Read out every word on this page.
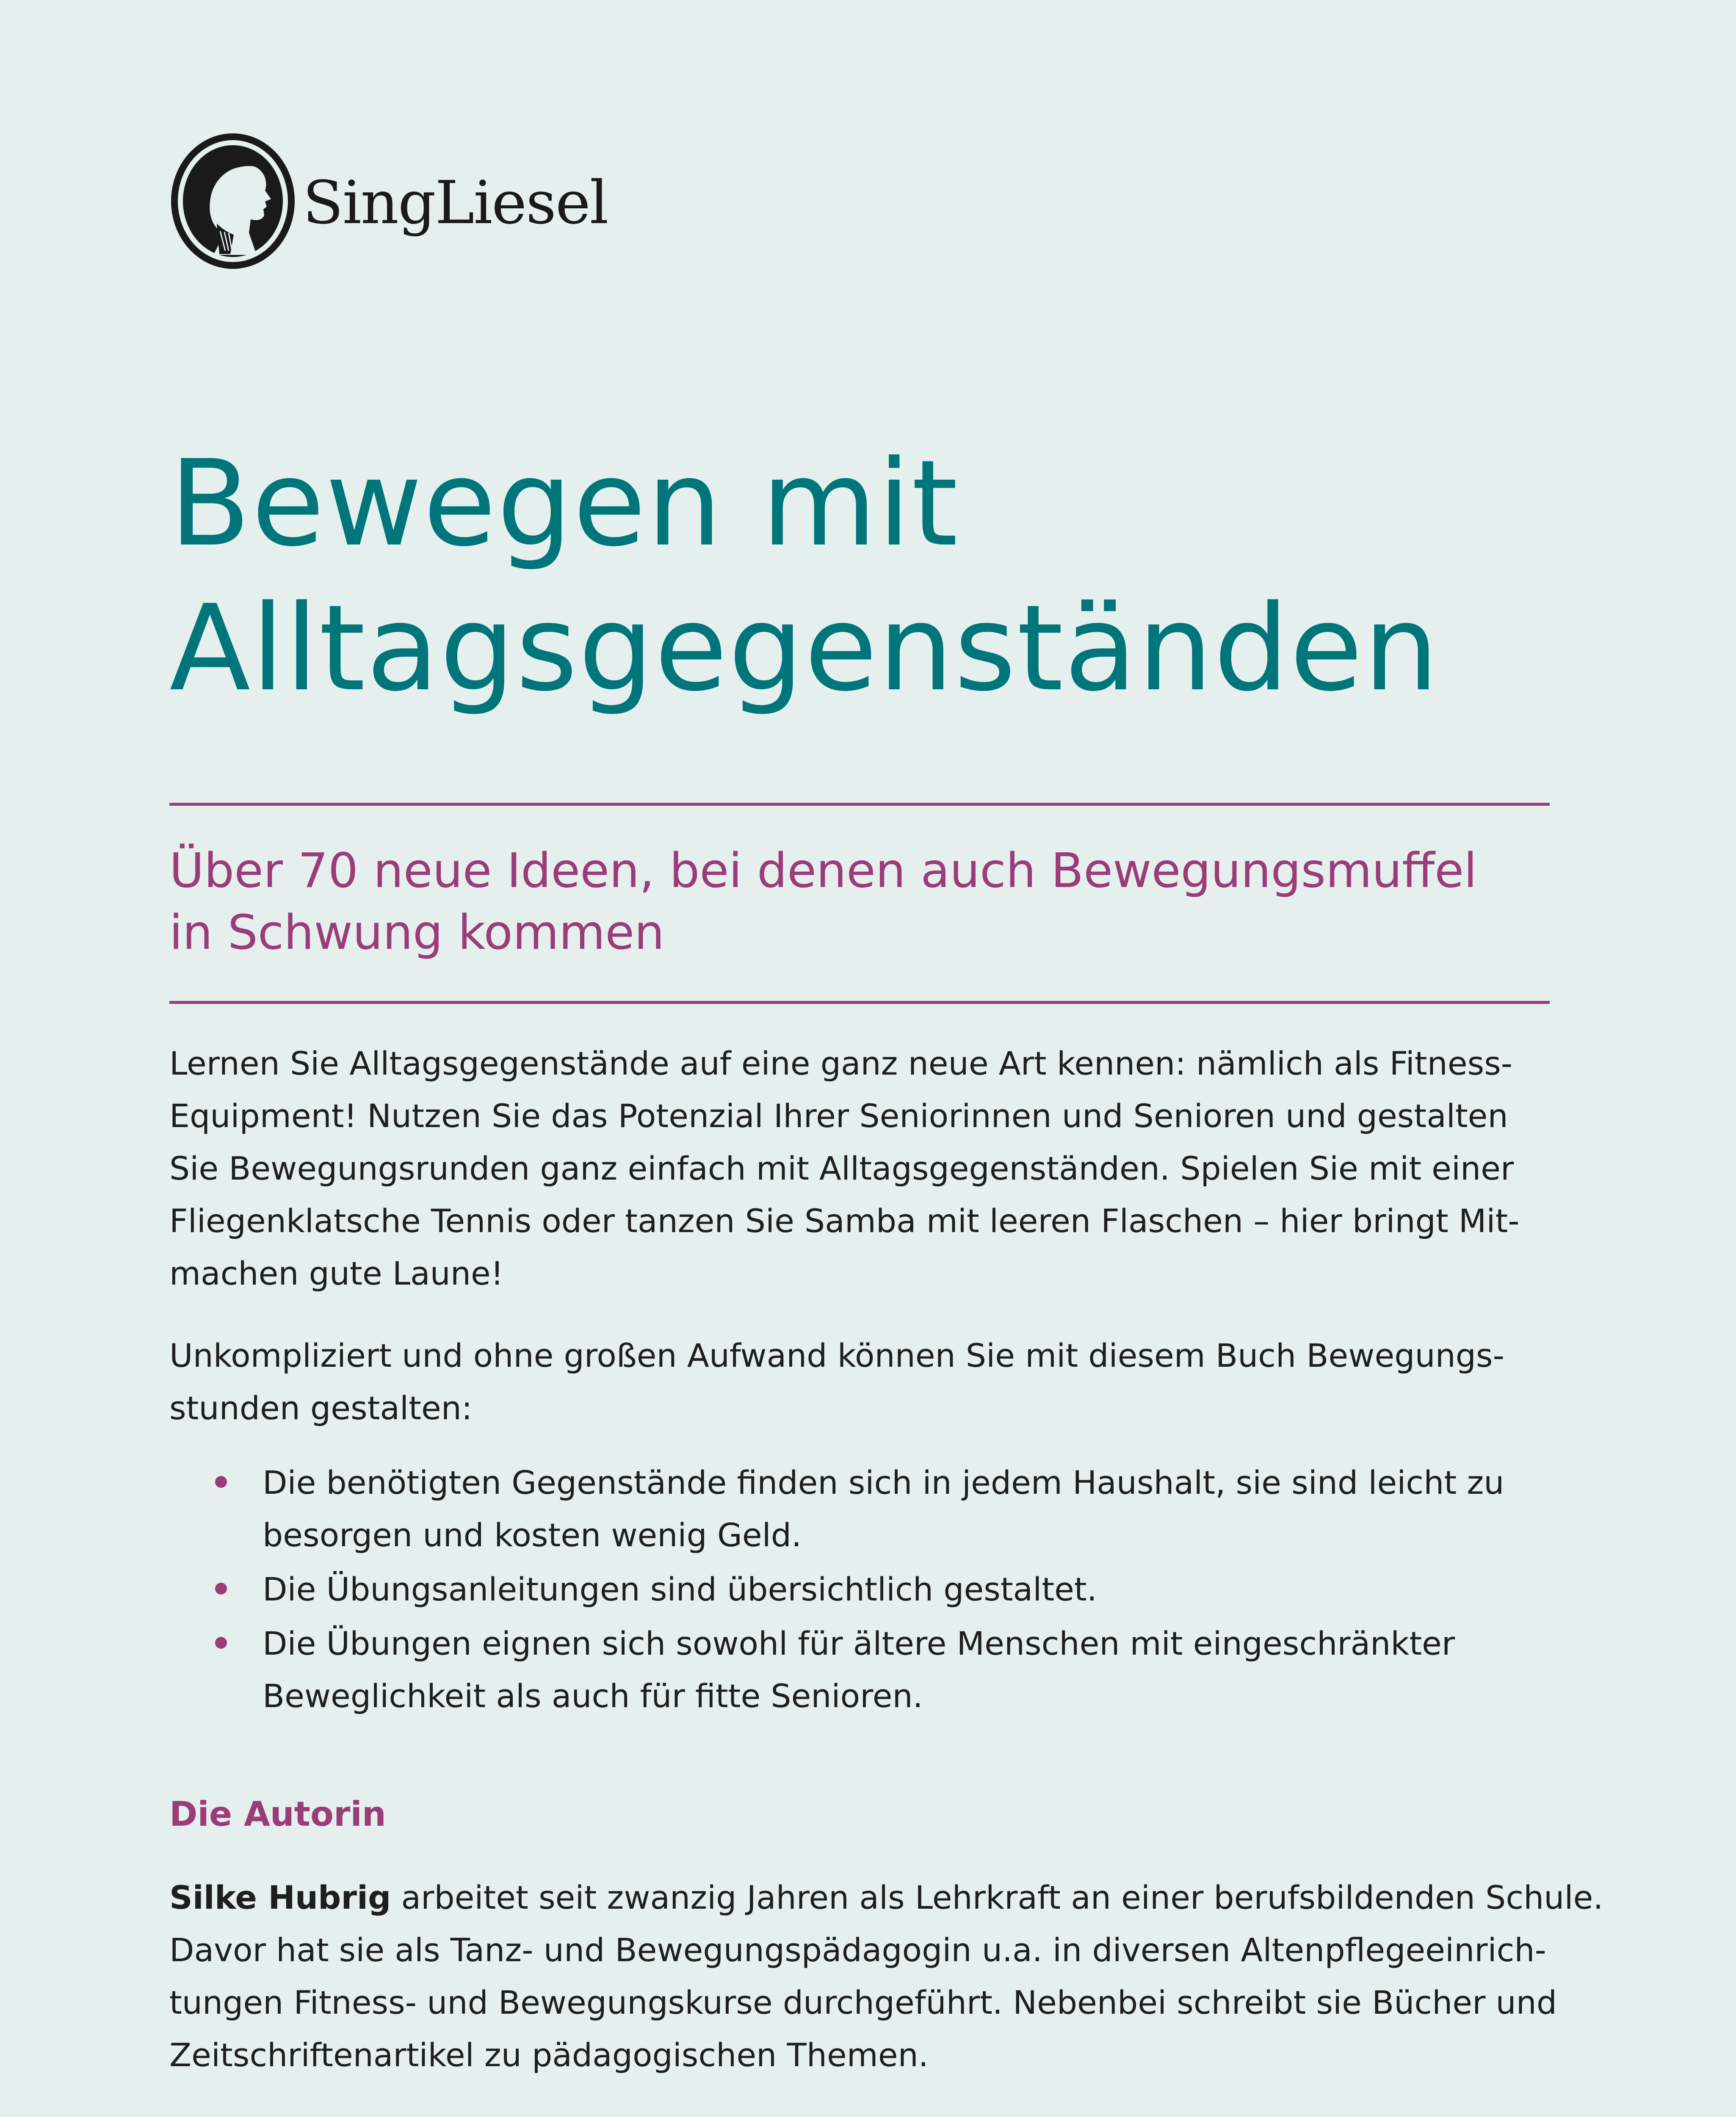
SingLiesel
Bewegen mit
Alltagsgegenständen
Über 70 neue Ideen, bei denen auch Bewegungsmuffel
in Schwung kommen

Lernen Sie Alltagsgegenstände auf eine ganz neue Art kennen: nämlich als Fitness-
Equipment! Nutzen Sie das Potenzial Ihrer Seniorinnen und Senioren und gestalten
Sie Bewegungsrunden ganz einfach mit Alltagsgegenständen. Spielen Sie mit einer
Fliegenklatsche Tennis oder tanzen Sie Samba mit leeren Flaschen – hier bringt Mit-
machen gute Laune!

Unkompliziert und ohne großen Aufwand können Sie mit diesem Buch Bewegungs-
stunden gestalten:

Die benötigten Gegenstände finden sich in jedem Haushalt, sie sind leicht zu
besorgen und kosten wenig Geld.
Die Übungsanleitungen sind übersichtlich gestaltet.
Die Übungen eignen sich sowohl für ältere Menschen mit eingeschränkter
Beweglichkeit als auch für fitte Senioren.
Die Autorin

Silke Hubrig arbeitet seit zwanzig Jahren als Lehrkraft an einer berufsbildenden Schule.
Davor hat sie als Tanz- und Bewegungspädagogin u.a. in diversen Altenpflegeeinrich-
tungen Fitness- und Bewegungskurse durchgeführt. Nebenbei schreibt sie Bücher und
Zeitschriftenartikel zu pädagogischen Themen.
